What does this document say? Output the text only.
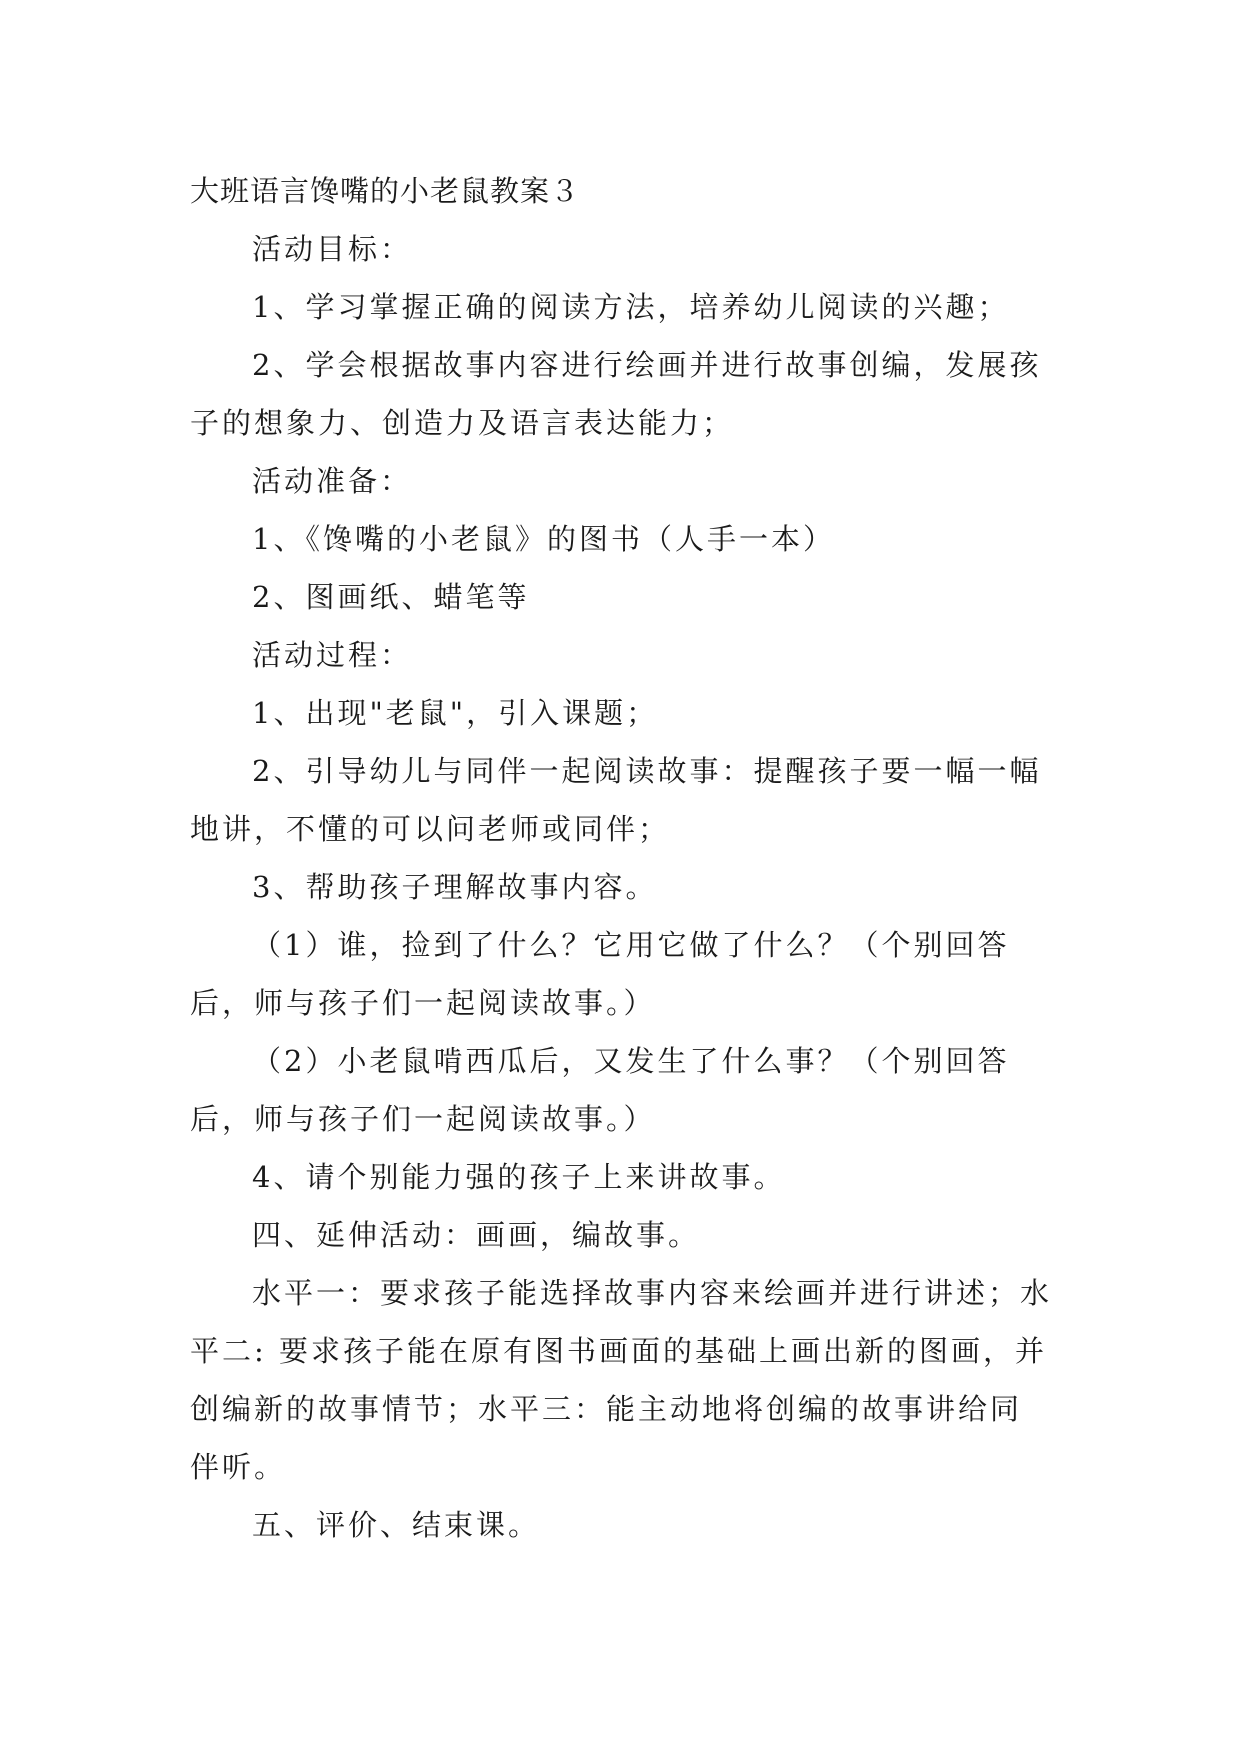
大班语言馋嘴的小老鼠教案３

活动目标：

1、学习掌握正确的阅读方法，培养幼儿阅读的兴趣；

2、学会根据故事内容进行绘画并进行故事创编，发展孩子的想象力、创造力及语言表达能力；

活动准备：

1、《馋嘴的小老鼠》的图书（人手一本）

2、图画纸、蜡笔等

活动过程：

1、出现"老鼠"，引入课题；

2、引导幼儿与同伴一起阅读故事：提醒孩子要一幅一幅地讲，不懂的可以问老师或同伴；

3、帮助孩子理解故事内容。

（1）谁，捡到了什么？它用它做了什么？（个别回答后，师与孩子们一起阅读故事。）

（2）小老鼠啃西瓜后，又发生了什么事？（个别回答后，师与孩子们一起阅读故事。）

4、请个别能力强的孩子上来讲故事。

四、延伸活动：画画，编故事。

水平一：要求孩子能选择故事内容来绘画并进行讲述；水平二: 要求孩子能在原有图书画面的基础上画出新的图画，并创编新的故事情节；水平三：能主动地将创编的故事讲给同伴听。

五、评价、结束课。
